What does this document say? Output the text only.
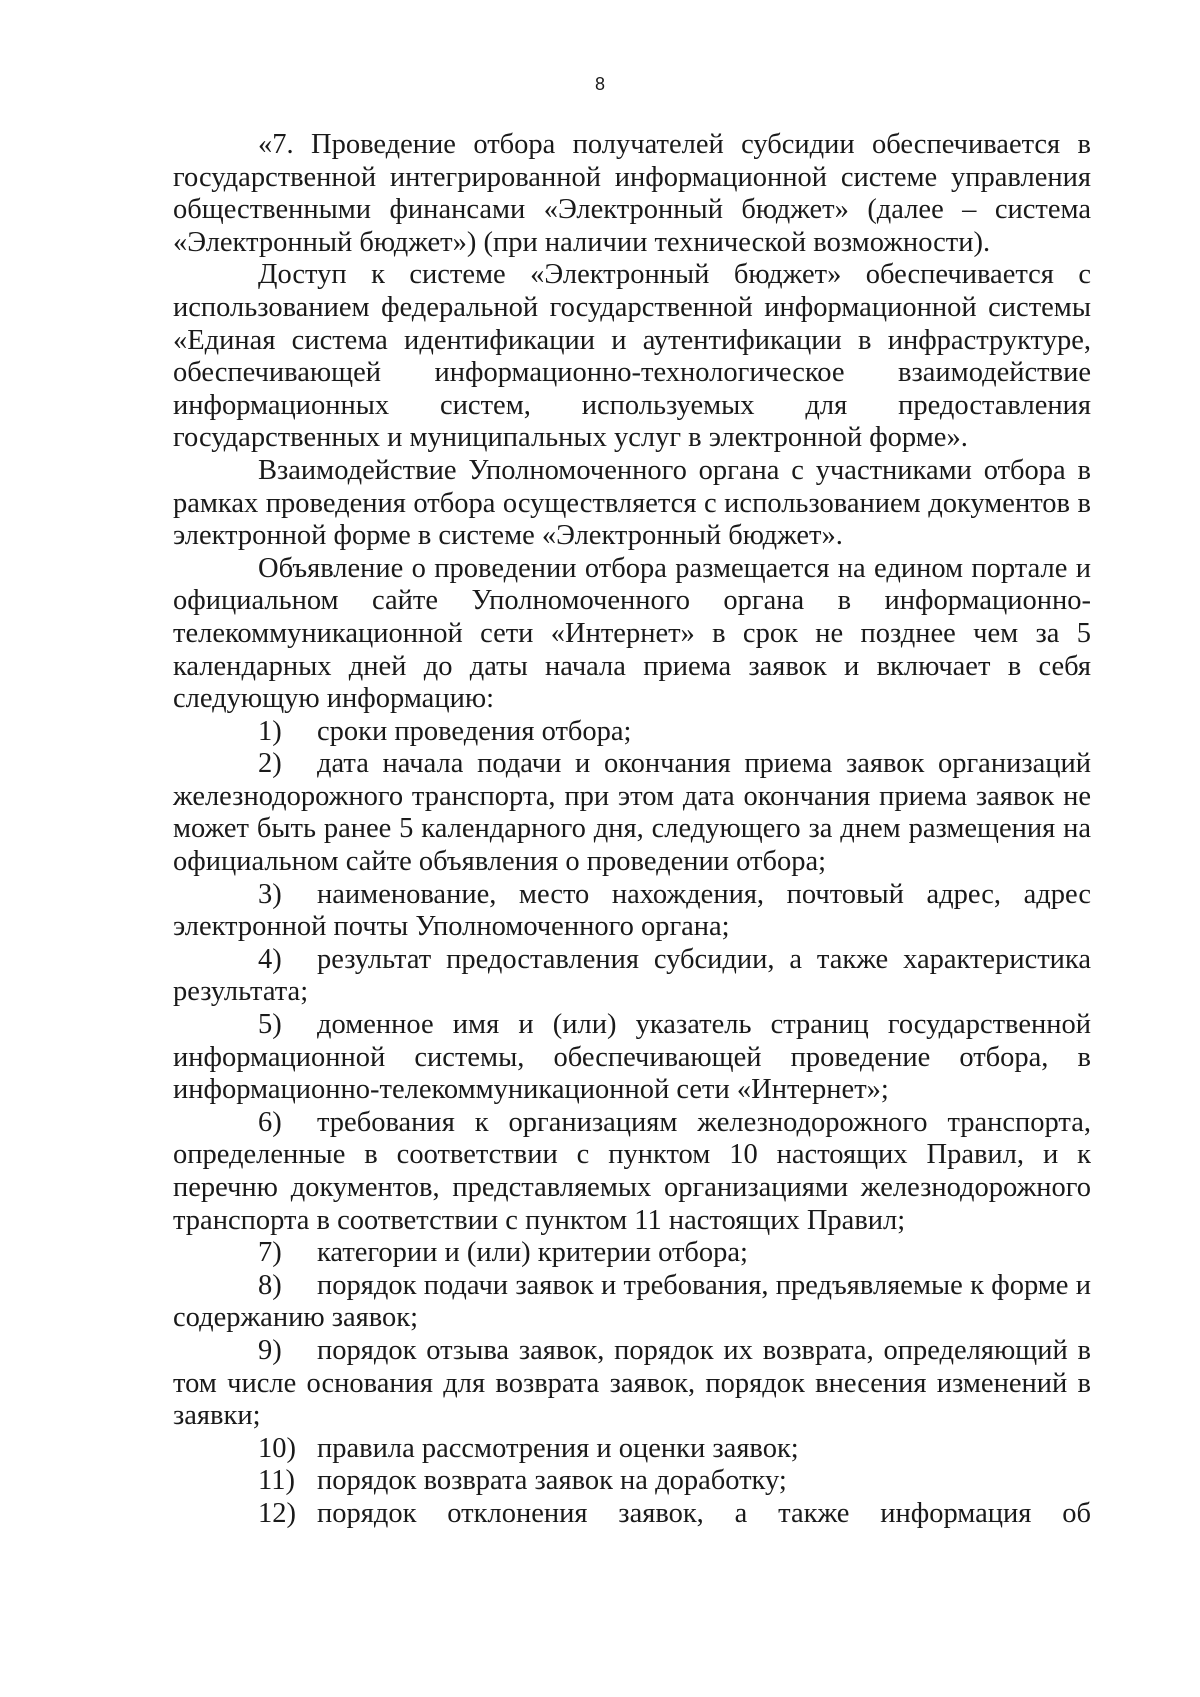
8

«7. Проведение отбора получателей субсидии обеспечивается в государственной интегрированной информационной системе управления общественными финансами «Электронный бюджет» (далее – система «Электронный бюджет») (при наличии технической возможности).

Доступ к системе «Электронный бюджет» обеспечивается с использованием федеральной государственной информационной системы «Единая система идентификации и аутентификации в инфраструктуре, обеспечивающей информационно-технологическое взаимодействие информационных систем, используемых для предоставления государственных и муниципальных услуг в электронной форме».

Взаимодействие Уполномоченного органа с участниками отбора в рамках проведения отбора осуществляется с использованием документов в электронной форме в системе «Электронный бюджет».

Объявление о проведении отбора размещается на едином портале и официальном сайте Уполномоченного органа в информационно-телекоммуникационной сети «Интернет» в срок не позднее чем за 5 календарных дней до даты начала приема заявок и включает в себя следующую информацию:

1) сроки проведения отбора;

2) дата начала подачи и окончания приема заявок организаций железнодорожного транспорта, при этом дата окончания приема заявок не может быть ранее 5 календарного дня, следующего за днем размещения на официальном сайте объявления о проведении отбора;

3) наименование, место нахождения, почтовый адрес, адрес электронной почты Уполномоченного органа;

4) результат предоставления субсидии, а также характеристика результата;

5) доменное имя и (или) указатель страниц государственной информационной системы, обеспечивающей проведение отбора, в информационно-телекоммуникационной сети «Интернет»;

6) требования к организациям железнодорожного транспорта, определенные в соответствии с пунктом 10 настоящих Правил, и к перечню документов, представляемых организациями железнодорожного транспорта в соответствии с пунктом 11 настоящих Правил;

7) категории и (или) критерии отбора;

8) порядок подачи заявок и требования, предъявляемые к форме и содержанию заявок;

9) порядок отзыва заявок, порядок их возврата, определяющий в том числе основания для возврата заявок, порядок внесения изменений в заявки;

10) правила рассмотрения и оценки заявок;

11) порядок возврата заявок на доработку;

12) порядок отклонения заявок, а также информация об
